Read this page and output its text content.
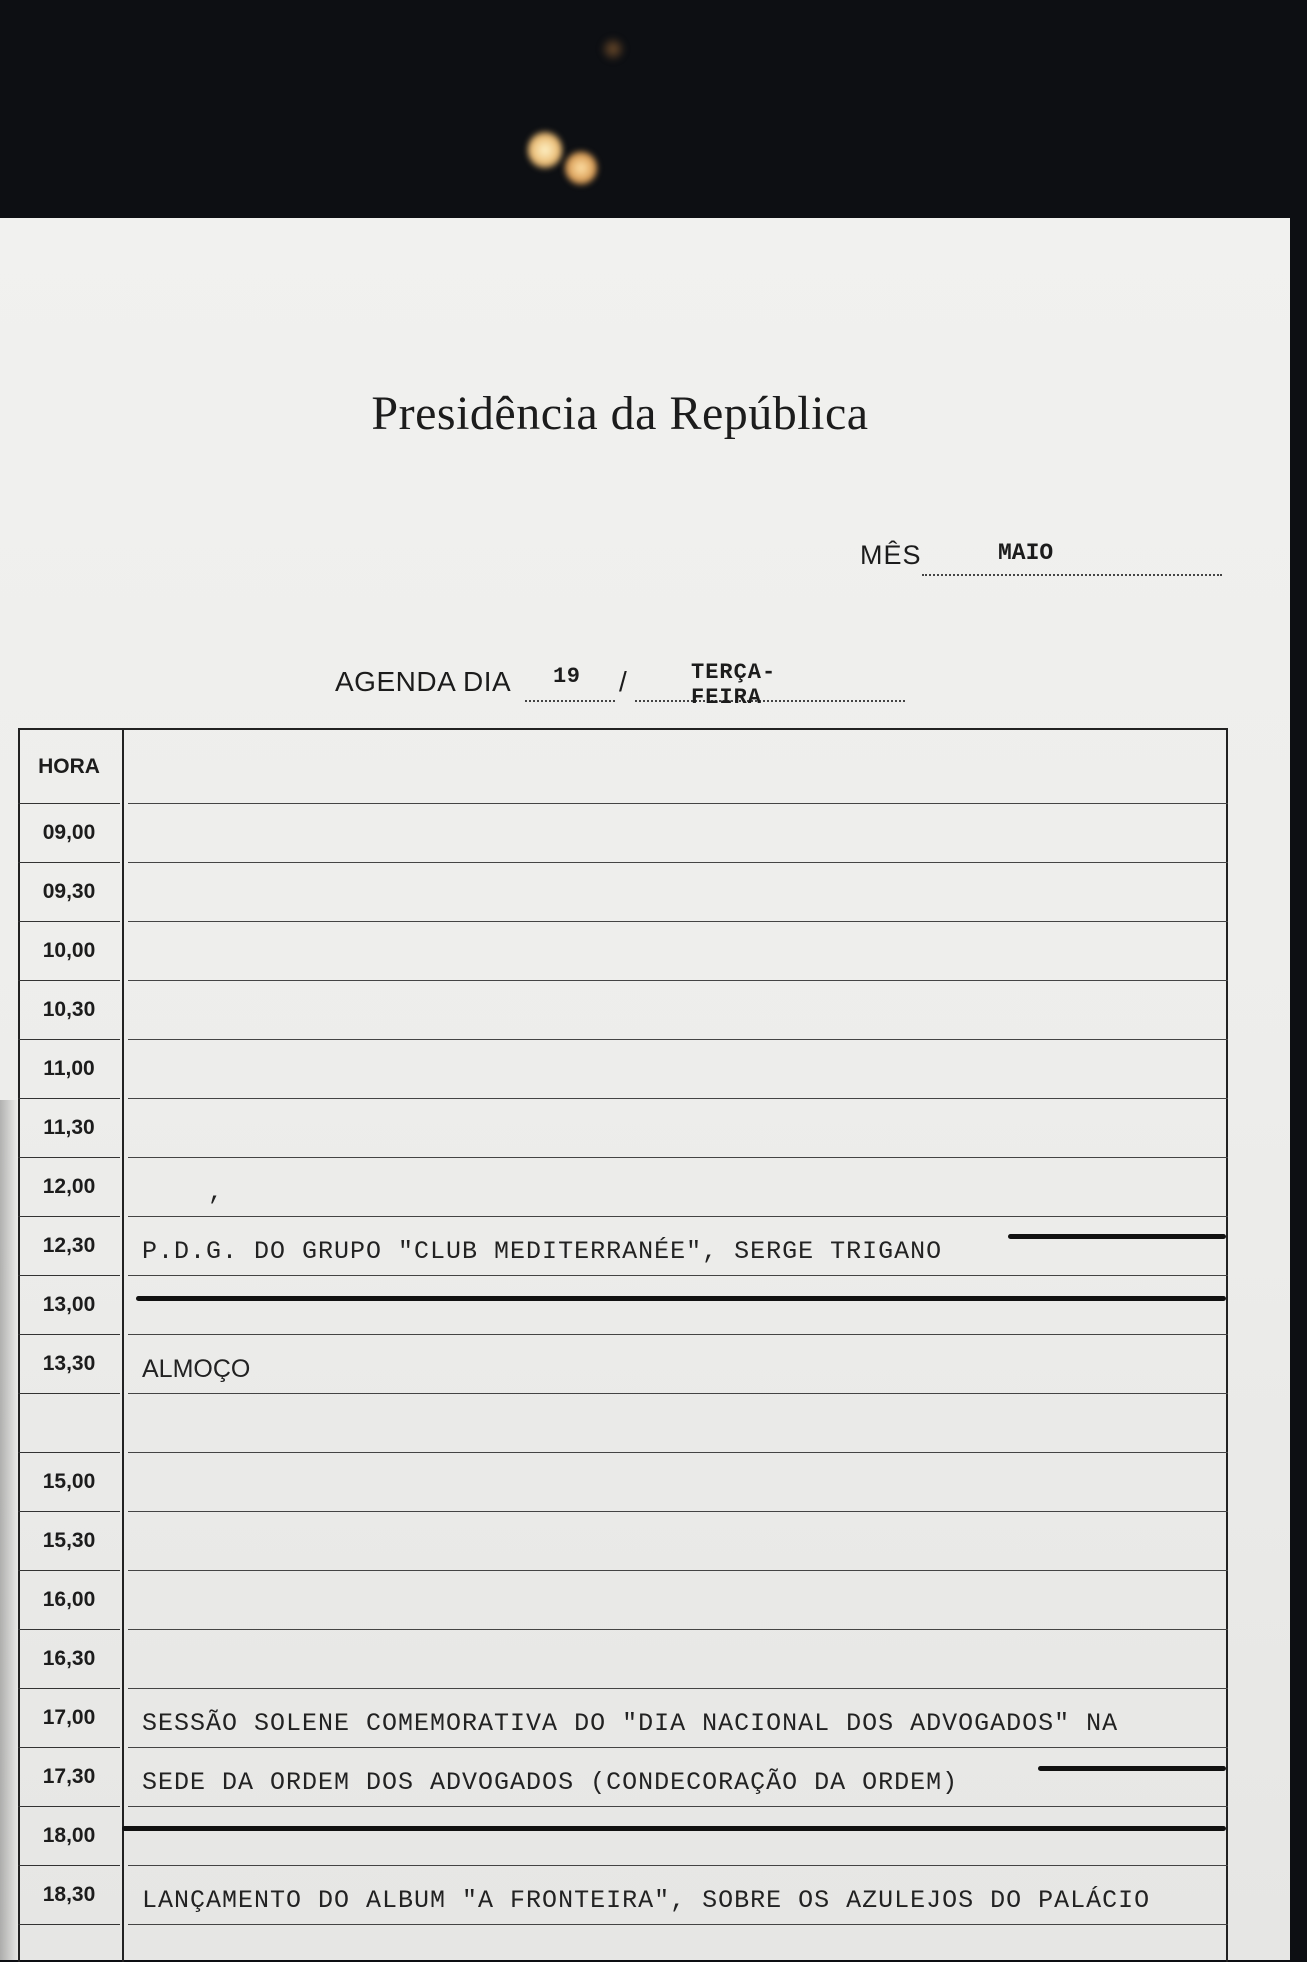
Presidência da República
MÊS	MAIO
AGENDA DIA 19 /	TERÇA-FEIRA
HORA
09,00
09,30
10,00
10,30
11,00
11,30
12,00	,
12,30	P.D.G. DO GRUPO "CLUB MEDITERRANÉE", SERGE TRIGANO
13,00
13,30	ALMOÇO
15,00
15,30
16,00
16,30
17,00	SESSÃO SOLENE COMEMORATIVA DO "DIA NACIONAL DOS ADVOGADOS" NA
17,30	SEDE DA ORDEM DOS ADVOGADOS (CONDECORAÇÃO DA ORDEM)
18,00
18,30	LANÇAMENTO DO ALBUM "A FRONTEIRA", SOBRE OS AZULEJOS DO PALÁCIO
